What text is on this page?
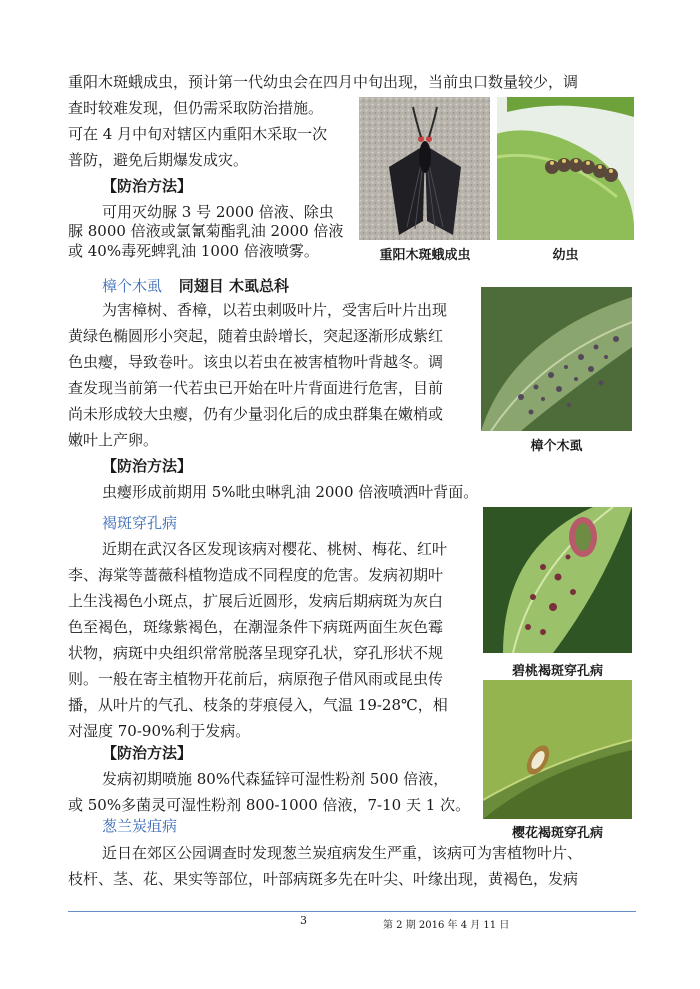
重阳木斑蛾成虫，预计第一代幼虫会在四月中旬出现，当前虫口数量较少，调
查时较难发现，但仍需采取防治措施。
可在 4 月中旬对辖区内重阳木采取一次
普防，避免后期爆发成灾。
【防治方法】
可用灭幼脲 3 号 2000 倍液、除虫
脲 8000 倍液或氯氰菊酯乳油 2000 倍液
或 40%毒死蜱乳油 1000 倍液喷雾。	重阳木斑蛾成虫	幼虫
樟个木虱 同翅目 木虱总科
为害樟树、香樟，以若虫刺吸叶片，受害后叶片出现
黄绿色椭圆形小突起，随着虫龄增长，突起逐渐形成紫红
色虫瘿，导致卷叶。该虫以若虫在被害植物叶背越冬。调
查发现当前第一代若虫已开始在叶片背面进行危害，目前
尚未形成较大虫瘿，仍有少量羽化后的成虫群集在嫩梢或
嫩叶上产卵。	樟个木虱
【防治方法】
虫瘿形成前期用 5%吡虫啉乳油 2000 倍液喷洒叶背面。
褐斑穿孔病
近期在武汉各区发现该病对樱花、桃树、梅花、红叶
李、海棠等蔷薇科植物造成不同程度的危害。发病初期叶
上生浅褐色小斑点，扩展后近圆形，发病后期病斑为灰白
色至褐色，斑缘紫褐色，在潮湿条件下病斑两面生灰色霉
状物，病斑中央组织常常脱落呈现穿孔状，穿孔形状不规
则。一般在寄主植物开花前后，病原孢子借风雨或昆虫传
播，从叶片的气孔、枝条的芽痕侵入，气温 19-28℃，相
对湿度 70-90%利于发病。
碧桃褐斑穿孔病
【防治方法】
发病初期喷施 80%代森猛锌可湿性粉剂 500 倍液，
或 50%多菌灵可湿性粉剂 800-1000 倍液，7-10 天 1 次。
樱花褐斑穿孔病
葱兰炭疽病
近日在郊区公园调查时发现葱兰炭疽病发生严重，该病可为害植物叶片、
枝杆、茎、花、果实等部位，叶部病斑多先在叶尖、叶缘出现，黄褐色，发病
3	第 2 期 2016 年 4 月 11 日
